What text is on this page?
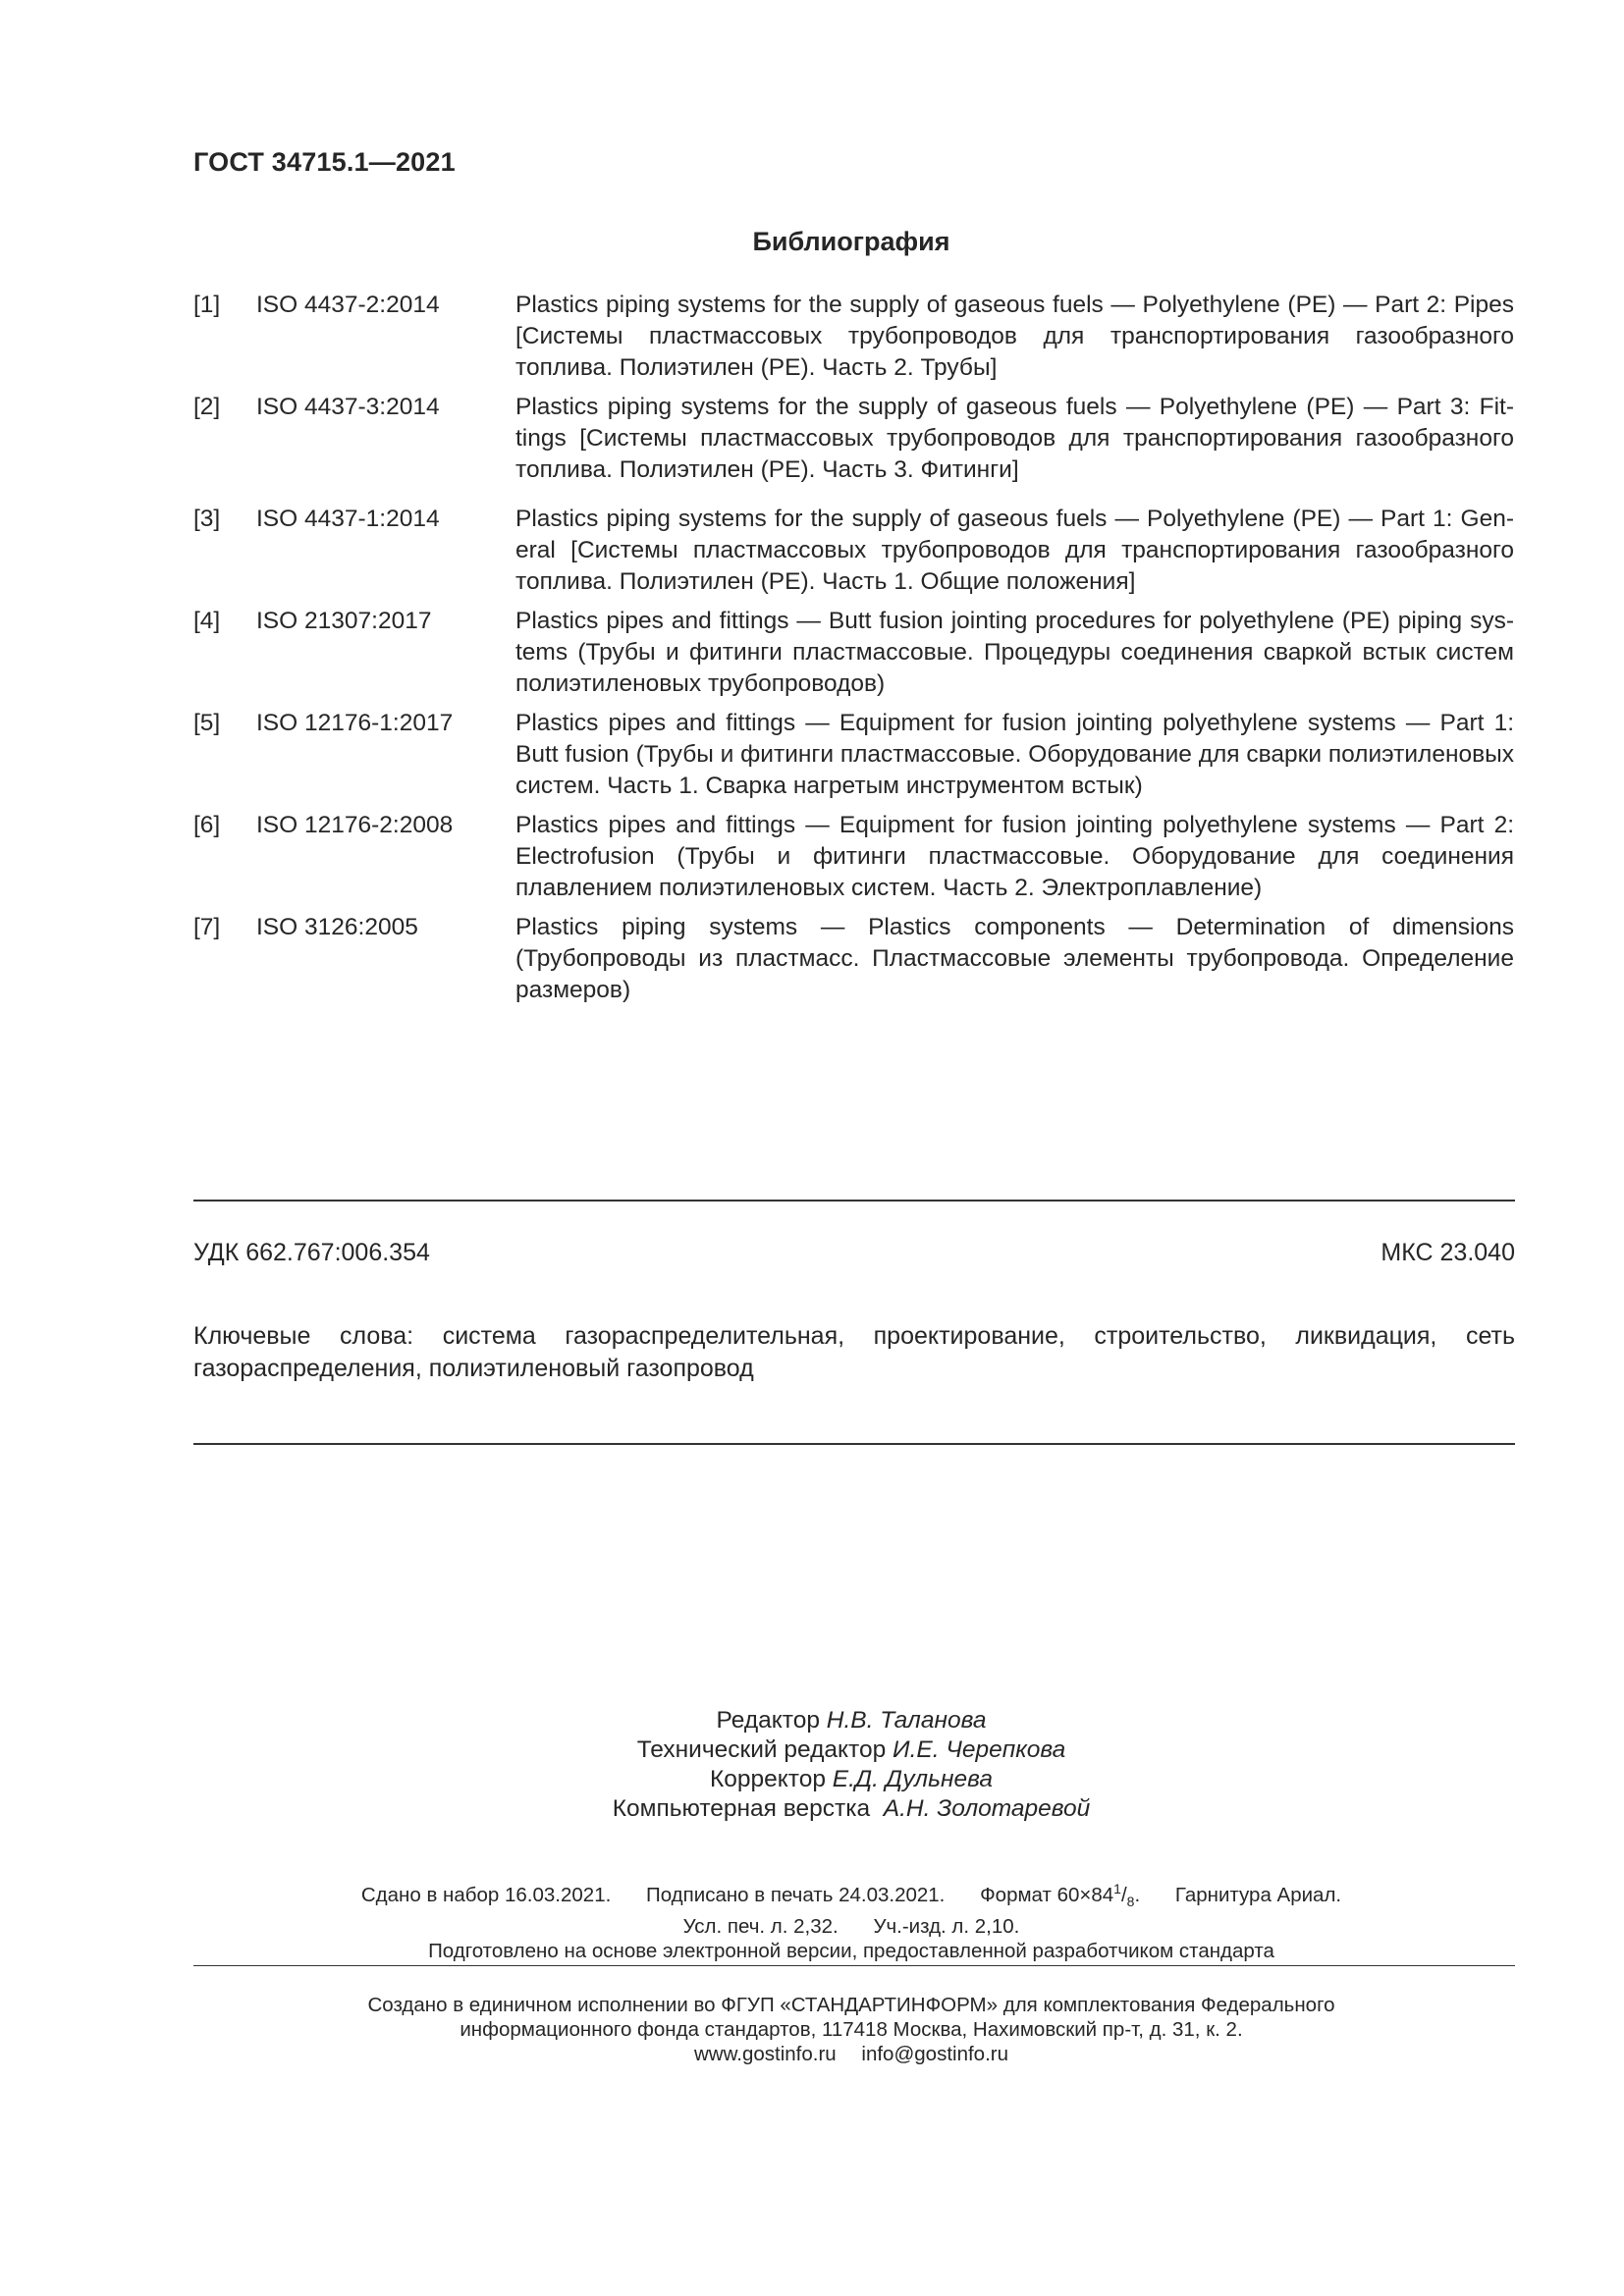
ГОСТ 34715.1—2021
Библиография
[1]	ISO 4437-2:2014	Plastics piping systems for the supply of gaseous fuels — Polyethylene (PE) — Part 2: Pipes [Системы пластмассовых трубопроводов для транспортирования газообразного топлива. Полиэтилен (PE). Часть 2. Трубы]
[2]	ISO 4437-3:2014	Plastics piping systems for the supply of gaseous fuels — Polyethylene (PE) — Part 3: Fit-tings [Системы пластмассовых трубопроводов для транспортирования газообразного топлива. Полиэтилен (PE). Часть 3. Фитинги]
[3]	ISO 4437-1:2014	Plastics piping systems for the supply of gaseous fuels — Polyethylene (PE) — Part 1: Gen-eral [Системы пластмассовых трубопроводов для транспортирования газообразного топлива. Полиэтилен (PE). Часть 1. Общие положения]
[4]	ISO 21307:2017	Plastics pipes and fittings — Butt fusion jointing procedures for polyethylene (PE) piping sys-tems (Трубы и фитинги пластмассовые. Процедуры соединения сваркой встык систем полиэтиленовых трубопроводов)
[5]	ISO 12176-1:2017	Plastics pipes and fittings — Equipment for fusion jointing polyethylene systems — Part 1: Butt fusion (Трубы и фитинги пластмассовые. Оборудование для сварки полиэтиленовых систем. Часть 1. Сварка нагретым инструментом встык)
[6]	ISO 12176-2:2008	Plastics pipes and fittings — Equipment for fusion jointing polyethylene systems — Part 2: Electrofusion (Трубы и фитинги пластмассовые. Оборудование для соединения плавлением полиэтиленовых систем. Часть 2. Электроплавление)
[7]	ISO 3126:2005	Plastics piping systems — Plastics components — Determination of dimensions (Трубопроводы из пластмасс. Пластмассовые элементы трубопровода. Определение размеров)
УДК 662.767:006.354	МКС 23.040
Ключевые слова: система газораспределительная, проектирование, строительство, ликвидация, сеть газораспределения, полиэтиленовый газопровод
Редактор Н.В. Таланова
Технический редактор И.Е. Черепкова
Корректор Е.Д. Дульнева
Компьютерная верстка А.Н. Золотаревой
Сдано в набор 16.03.2021. Подписано в печать 24.03.2021. Формат $60\times 84^1/_8$. Гарнитура Ариал.
Усл. печ. л. 2,32. Уч.-изд. л. 2,10.
Подготовлено на основе электронной версии, предоставленной разработчиком стандарта
Создано в единичном исполнении во ФГУП «СТАНДАРТИНФОРМ» для комплектования Федерального
информационного фонда стандартов, 117418 Москва, Нахимовский пр-т, д. 31, к. 2.
www.gostinfo.ru info@gostinfo.ru
